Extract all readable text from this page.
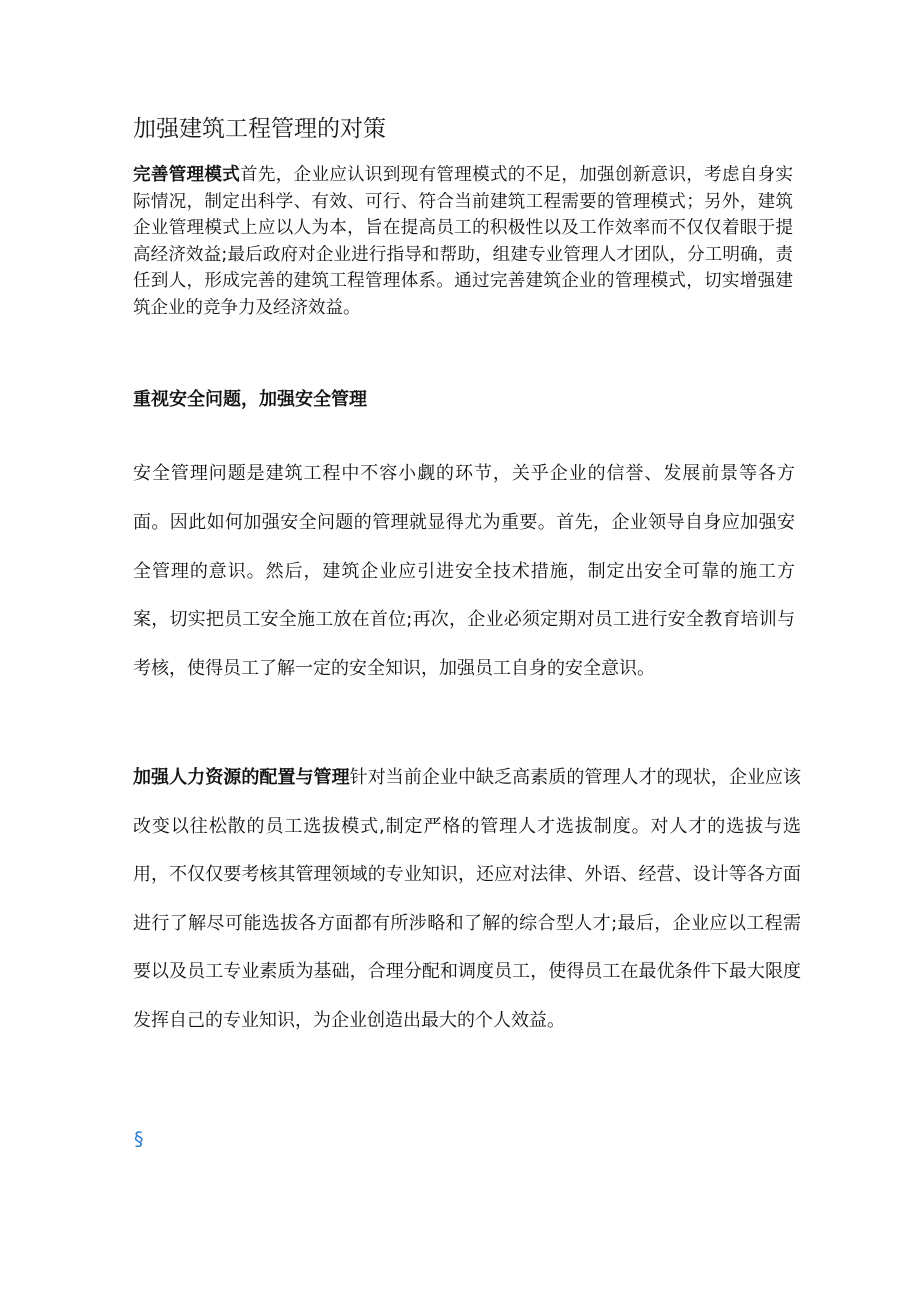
加强建筑工程管理的对策

完善管理模式首先，企业应认识到现有管理模式的不足，加强创新意识，考虑自身实际情况，制定出科学、有效、可行、符合当前建筑工程需要的管理模式；另外，建筑企业管理模式上应以人为本，旨在提高员工的积极性以及工作效率而不仅仅着眼于提高经济效益;最后政府对企业进行指导和帮助，组建专业管理人才团队，分工明确，责任到人，形成完善的建筑工程管理体系。通过完善建筑企业的管理模式，切实增强建筑企业的竞争力及经济效益。

重视安全问题，加强安全管理

安全管理问题是建筑工程中不容小觑的环节，关乎企业的信誉、发展前景等各方面。因此如何加强安全问题的管理就显得尤为重要。首先，企业领导自身应加强安全管理的意识。然后，建筑企业应引进安全技术措施，制定出安全可靠的施工方案，切实把员工安全施工放在首位;再次，企业必须定期对员工进行安全教育培训与考核，使得员工了解一定的安全知识，加强员工自身的安全意识。

加强人力资源的配置与管理针对当前企业中缺乏高素质的管理人才的现状，企业应该改变以往松散的员工选拔模式,制定严格的管理人才选拔制度。对人才的选拔与选用，不仅仅要考核其管理领域的专业知识，还应对法律、外语、经营、设计等各方面进行了解尽可能选拔各方面都有所涉略和了解的综合型人才;最后，企业应以工程需要以及员工专业素质为基础，合理分配和调度员工，使得员工在最优条件下最大限度发挥自己的专业知识，为企业创造出最大的个人效益。

§
